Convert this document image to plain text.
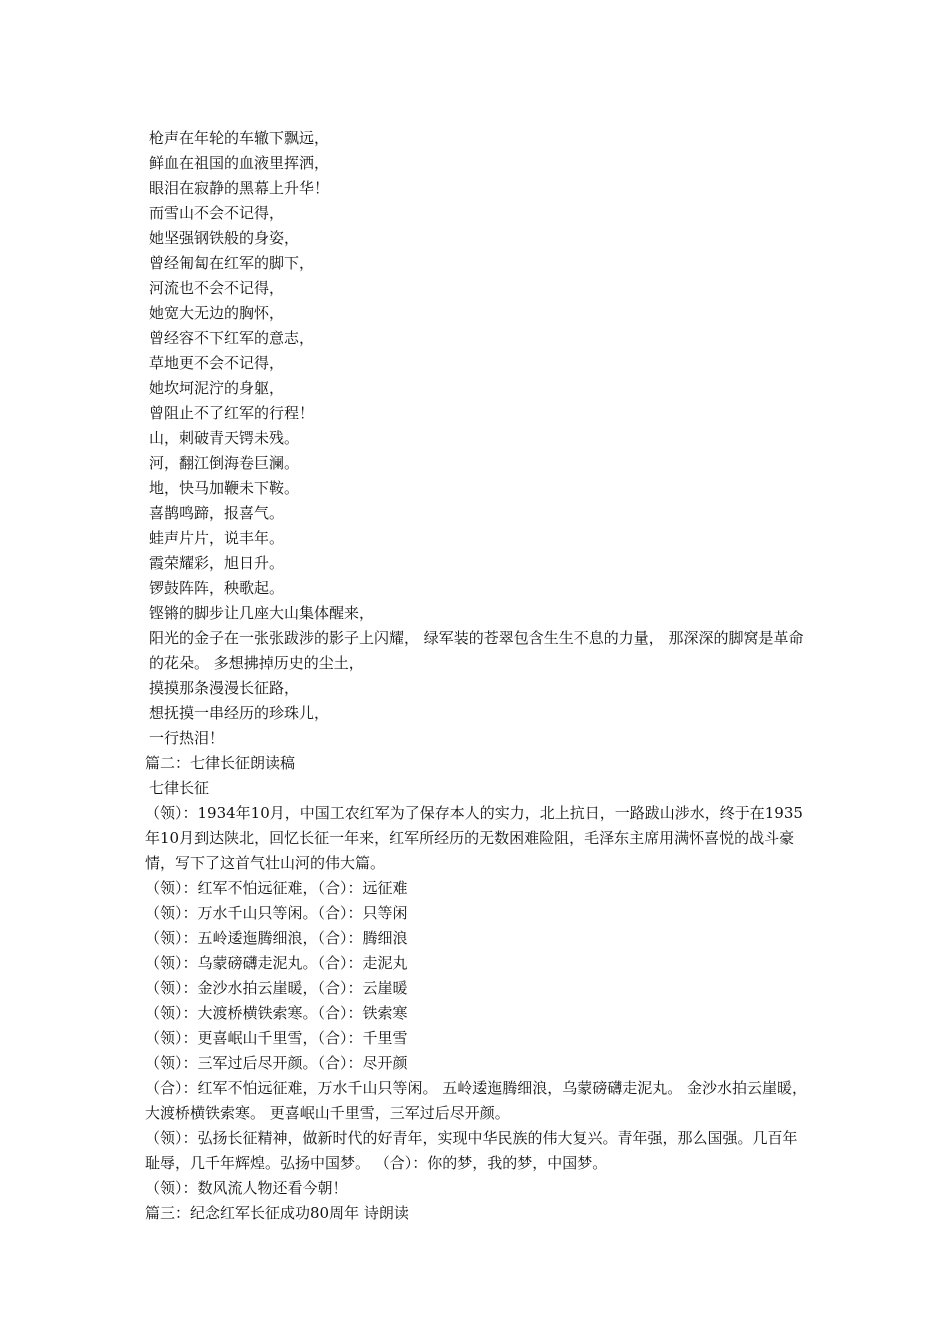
枪声在年轮的车辙下飘远，
鲜血在祖国的血液里挥洒，
眼泪在寂静的黑幕上升华！
而雪山不会不记得，
她坚强钢铁般的身姿，
曾经匍匐在红军的脚下，
河流也不会不记得，
她宽大无边的胸怀，
曾经容不下红军的意志，
草地更不会不记得，
她坎坷泥泞的身躯，
曾阻止不了红军的行程！
山，刺破青天锷未残。
河，翻江倒海卷巨澜。
地，快马加鞭未下鞍。
喜鹊鸣蹄，报喜气。
蛙声片片，说丰年。
霞荣耀彩，旭日升。
锣鼓阵阵，秧歌起。
铿锵的脚步让几座大山集体醒来，
阳光的金子在一张张跋涉的影子上闪耀， 绿军装的苍翠包含生生不息的力量， 那深深的脚窝是革命的花朵。 多想拂掉历史的尘土，
摸摸那条漫漫长征路，
想抚摸一串经历的珍珠儿，
一行热泪！
篇二：七律长征朗读稿
七律长征
（领）：1934年10月，中国工农红军为了保存本人的实力，北上抗日，一路跋山涉水，终于在1935年10月到达陕北，回忆长征一年来，红军所经历的无数困难险阻，毛泽东主席用满怀喜悦的战斗豪情，写下了这首气壮山河的伟大篇。
（领）：红军不怕远征难，（合）：远征难
（领）：万水千山只等闲。（合）：只等闲
（领）：五岭逶迤腾细浪，（合）：腾细浪
（领）：乌蒙磅礴走泥丸。（合）：走泥丸
（领）：金沙水拍云崖暖，（合）：云崖暖
（领）：大渡桥横铁索寒。（合）：铁索寒
（领）：更喜岷山千里雪，（合）：千里雪
（领）：三军过后尽开颜。（合）：尽开颜
（合）：红军不怕远征难，万水千山只等闲。 五岭逶迤腾细浪，乌蒙磅礴走泥丸。 金沙水拍云崖暖，大渡桥横铁索寒。 更喜岷山千里雪，三军过后尽开颜。
（领）：弘扬长征精神，做新时代的好青年，实现中华民族的伟大复兴。青年强，那么国强。几百年耻辱，几千年辉煌。弘扬中国梦。 （合）：你的梦，我的梦，中国梦。
（领）：数风流人物还看今朝！
篇三：纪念红军长征成功80周年 诗朗读
